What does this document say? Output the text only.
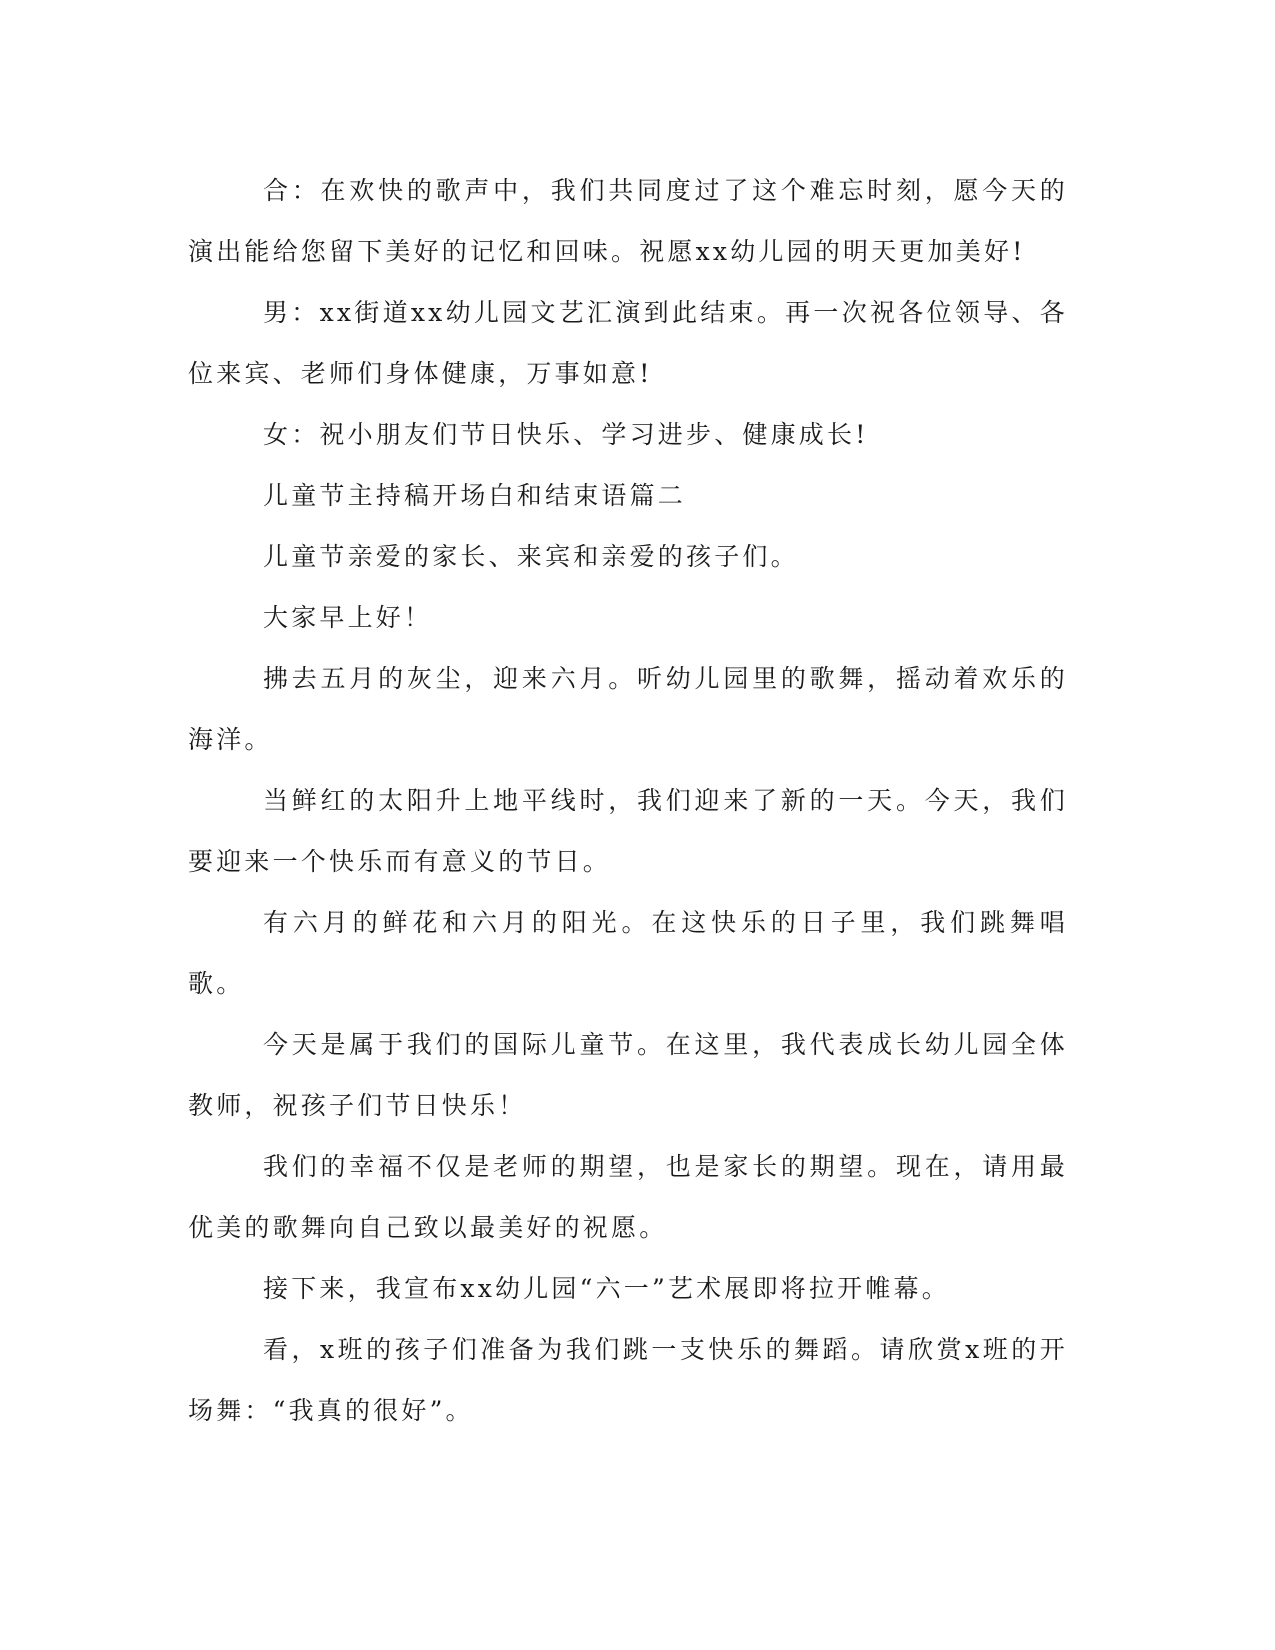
合：在欢快的歌声中，我们共同度过了这个难忘时刻，愿今天的演出能给您留下美好的记忆和回味。祝愿xx幼儿园的明天更加美好!

男：xx街道xx幼儿园文艺汇演到此结束。再一次祝各位领导、各位来宾、老师们身体健康，万事如意!

女：祝小朋友们节日快乐、学习进步、健康成长!

儿童节主持稿开场白和结束语篇二

儿童节亲爱的家长、来宾和亲爱的孩子们。

大家早上好！

拂去五月的灰尘，迎来六月。听幼儿园里的歌舞，摇动着欢乐的海洋。

当鲜红的太阳升上地平线时，我们迎来了新的一天。今天，我们要迎来一个快乐而有意义的节日。

有六月的鲜花和六月的阳光。在这快乐的日子里，我们跳舞唱歌。

今天是属于我们的国际儿童节。在这里，我代表成长幼儿园全体教师，祝孩子们节日快乐！

我们的幸福不仅是老师的期望，也是家长的期望。现在，请用最优美的歌舞向自己致以最美好的祝愿。

接下来，我宣布xx幼儿园“六一”艺术展即将拉开帷幕。

看，x班的孩子们准备为我们跳一支快乐的舞蹈。请欣赏x班的开场舞：“我真的很好”。
